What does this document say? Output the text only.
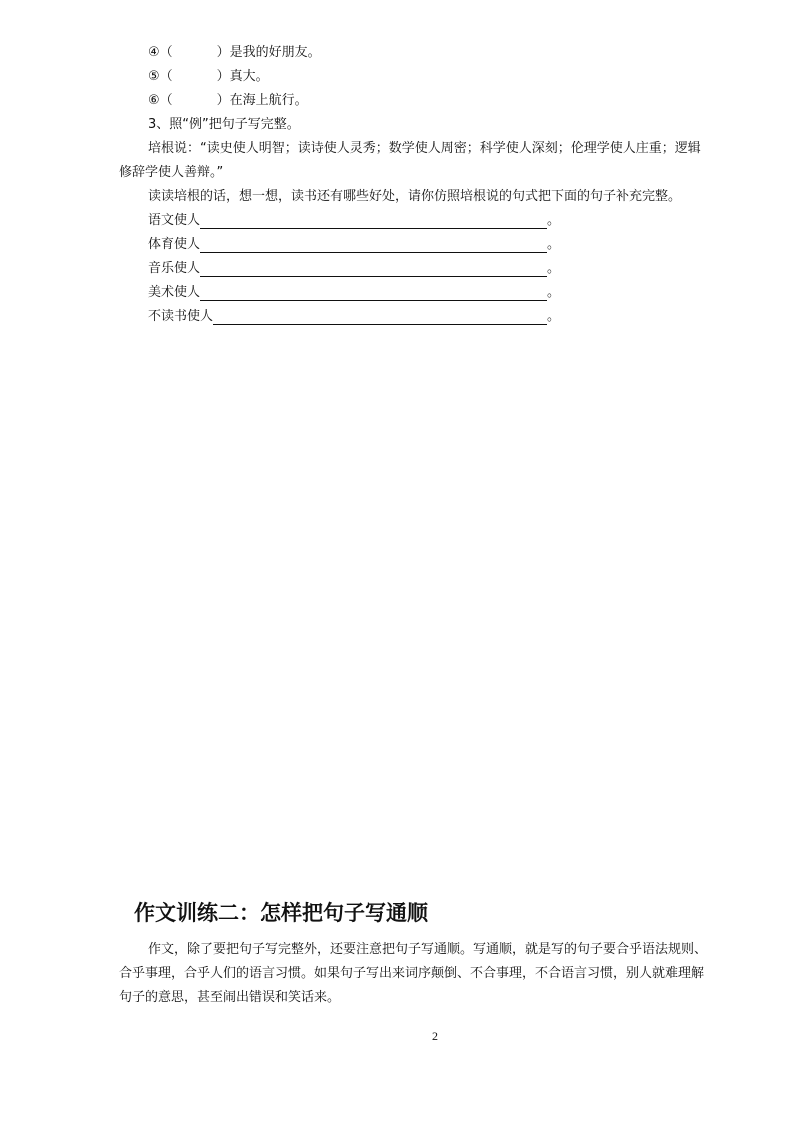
④（	）是我的好朋友。
⑤（	）真大。
⑥（	）在海上航行。
3、照“例”把句子写完整。
培根说：“读史使人明智；读诗使人灵秀；数学使人周密；科学使人深刻；伦理学使人庄重；逻辑
修辞学使人善辩。”
读读培根的话，想一想，读书还有哪些好处，请你仿照培根说的句式把下面的句子补充完整。
语文使人	。
体育使人	。
音乐使人	。
美术使人	。
不读书使人	。
作文训练二：怎样把句子写通顺
作文，除了要把句子写完整外，还要注意把句子写通顺。写通顺，就是写的句子要合乎语法规则、
合乎事理，合乎人们的语言习惯。如果句子写出来词序颠倒、不合事理，不合语言习惯，别人就难理解
句子的意思，甚至闹出错误和笑话来。
2
